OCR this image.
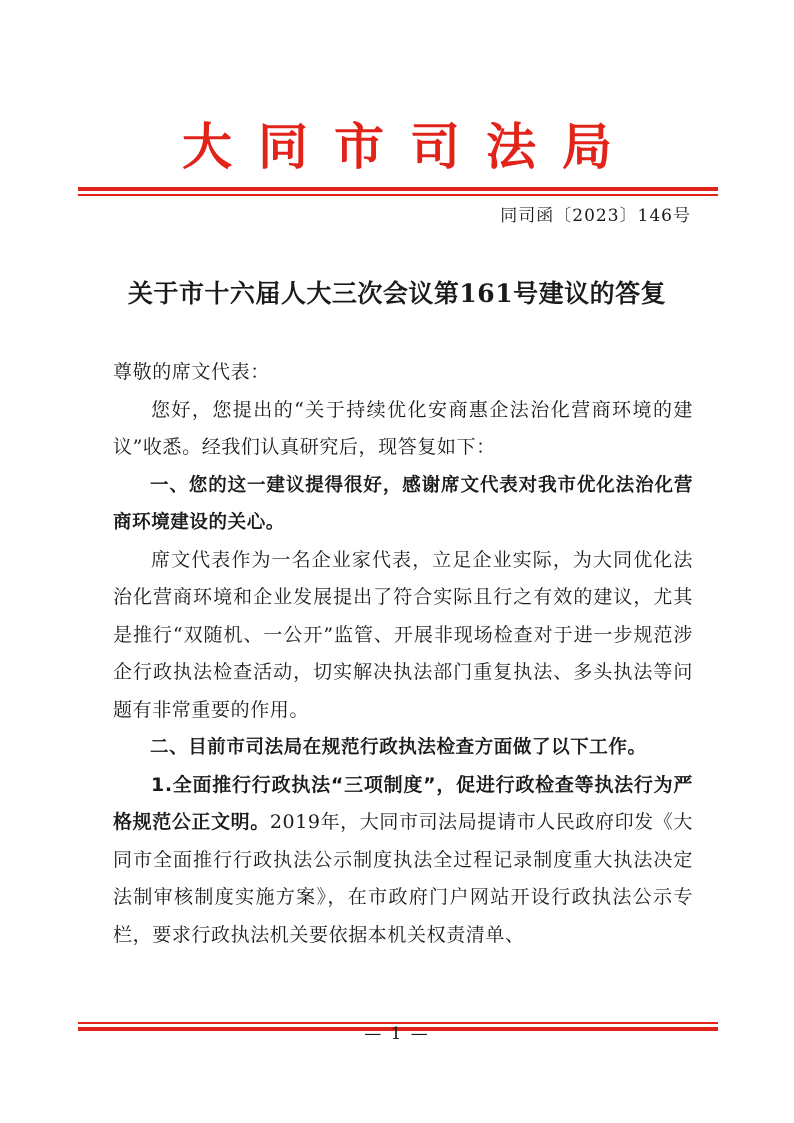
大同市司法局
同司函〔2023〕146号
关于市十六届人大三次会议第161号建议的答复

尊敬的席文代表：

您好，您提出的“关于持续优化安商惠企法治化营商环境的建议”收悉。经我们认真研究后，现答复如下：

一、您的这一建议提得很好，感谢席文代表对我市优化法治化营商环境建设的关心。

席文代表作为一名企业家代表，立足企业实际，为大同优化法治化营商环境和企业发展提出了符合实际且行之有效的建议，尤其是推行“双随机、一公开”监管、开展非现场检查对于进一步规范涉企行政执法检查活动，切实解决执法部门重复执法、多头执法等问题有非常重要的作用。

二、目前市司法局在规范行政执法检查方面做了以下工作。

1.全面推行行政执法“三项制度”，促进行政检查等执法行为严格规范公正文明。2019年，大同市司法局提请市人民政府印发《大同市全面推行行政执法公示制度执法全过程记录制度重大执法决定法制审核制度实施方案》，在市政府门户网站开设行政执法公示专栏，要求行政执法机关要依据本机关权责清单、

— 1 —
